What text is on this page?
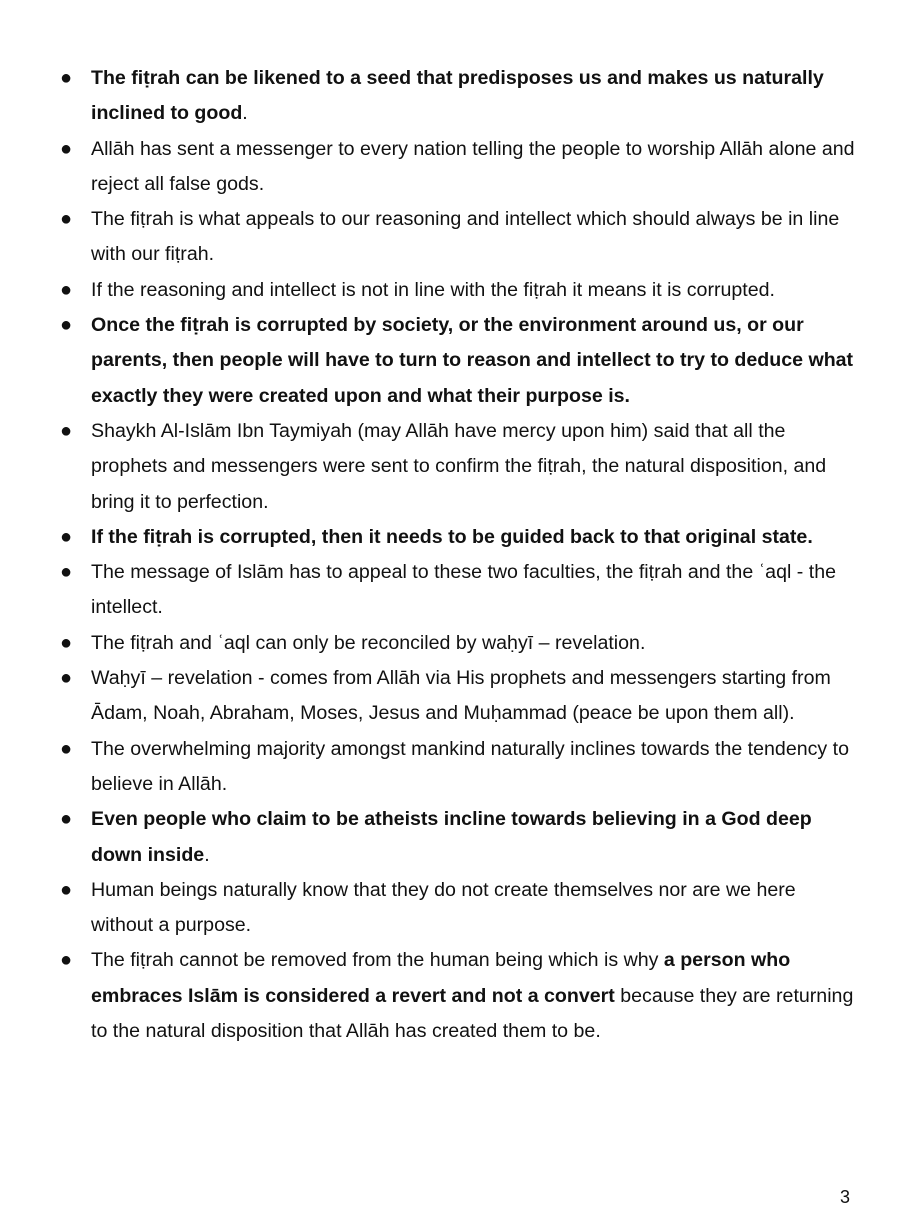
● The fiṭrah can be likened to a seed that predisposes us and makes us naturally inclined to good.
● Allāh has sent a messenger to every nation telling the people to worship Allāh alone and reject all false gods.
● The fiṭrah is what appeals to our reasoning and intellect which should always be in line with our fiṭrah.
● If the reasoning and intellect is not in line with the fiṭrah it means it is corrupted.
● Once the fiṭrah is corrupted by society, or the environment around us, or our parents, then people will have to turn to reason and intellect to try to deduce what exactly they were created upon and what their purpose is.
● Shaykh Al-Islām Ibn Taymiyah (may Allāh have mercy upon him) said that all the prophets and messengers were sent to confirm the fiṭrah, the natural disposition, and bring it to perfection.
● If the fiṭrah is corrupted, then it needs to be guided back to that original state.
● The message of Islām has to appeal to these two faculties, the fiṭrah and the ʿaql - the intellect.
● The fiṭrah and ʿaql can only be reconciled by waḥyī – revelation.
● Waḥyī – revelation - comes from Allāh via His prophets and messengers starting from Ādam, Noah, Abraham, Moses, Jesus and Muḥammad (peace be upon them all).
● The overwhelming majority amongst mankind naturally inclines towards the tendency to believe in Allāh.
● Even people who claim to be atheists incline towards believing in a God deep down inside.
● Human beings naturally know that they do not create themselves nor are we here without a purpose.
● The fiṭrah cannot be removed from the human being which is why a person who embraces Islām is considered a revert and not a convert because they are returning to the natural disposition that Allāh has created them to be.
3
